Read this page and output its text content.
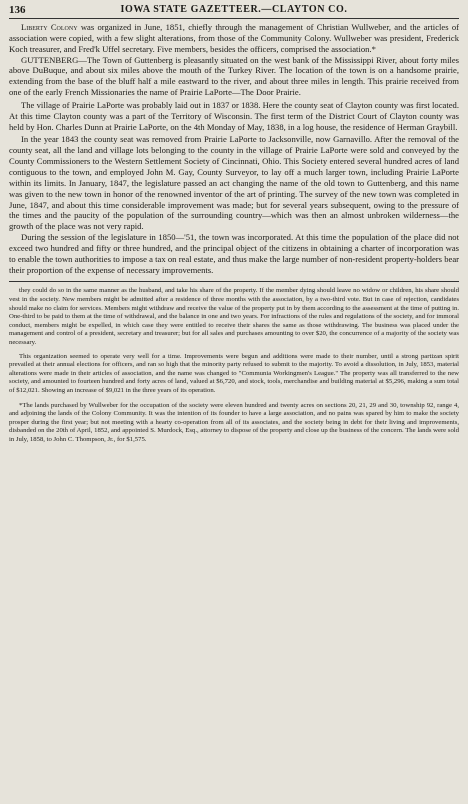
136	IOWA STATE GAZETTEER.—CLAYTON CO.

Liberty Colony was organized in June, 1851, chiefly through the management of Christian Wullweber, and the articles of association were copied, with a few slight alterations, from those of the Community Colony. Wullweber was president, Frederick Koch treasurer, and Fred'k Uffel secretary. Five members, besides the officers, comprised the association.*

GUTTENBERG—The Town of Guttenberg is pleasantly situated on the west bank of the Mississippi River, about forty miles above DuBuque, and about six miles above the mouth of the Turkey River. The location of the town is on a handsome prairie, extending from the base of the bluff half a mile eastward to the river, and about three miles in length. This prairie received from one of the early French Missionaries the name of Prairie LaPorte—The Door Prairie.

The village of Prairie LaPorte was probably laid out in 1837 or 1838. Here the county seat of Clayton county was first located. At this time Clayton county was a part of the Territory of Wisconsin. The first term of the District Court of Clayton county was held by Hon. Charles Dunn at Prairie LaPorte, on the 4th Monday of May, 1838, in a log house, the residence of Herman Graybill.

In the year 1843 the county seat was removed from Prairie LaPorte to Jacksonville, now Garnavillo. After the removal of the county seat, all the land and village lots belonging to the county in the village of Prairie LaPorte were sold and conveyed by the County Commissioners to the Western Settlement Society of Cincinnati, Ohio. This Society entered several hundred acres of land contiguous to the town, and employed John M. Gay, County Surveyor, to lay off a much larger town, including Prairie LaPorte within its limits. In January, 1847, the legislature passed an act changing the name of the old town to Guttenberg, and this name was given to the new town in honor of the renowned inventor of the art of printing. The survey of the new town was completed in June, 1847, and about this time considerable improvement was made; but for several years subsequent, owing to the pressure of the times and the paucity of the population of the surrounding country—which was then an almost unbroken wilderness—the growth of the place was not very rapid.

During the session of the legislature in 1850—'51, the town was incorporated. At this time the population of the place did not exceed two hundred and fifty or three hundred, and the principal object of the citizens in obtaining a charter of incorporation was to enable the town authorities to impose a tax on real estate, and thus make the large number of non-resident property-holders bear their proportion of the expense of necessary improvements.

they could do so in the same manner as the husband, and take his share of the property. If the member dying should leave no widow or children, his share should vest in the society. New members might be admitted after a residence of three months with the association, by a two-third vote. But in case of rejection, candidates should make no claim for services. Members might withdraw and receive the value of the property put in by them according to the assessment at the time of putting in. One-third to be paid to them at the time of withdrawal, and the balance in one and two years. For infractions of the rules and regulations of the society, and for immoral conduct, members might be expelled, in which case they were entitled to receive their shares the same as those withdrawing. The business was placed under the management and control of a president, secretary and treasurer; but for all sales and purchases amounting to over $20, the concurrence of a majority of the society was necessary.

This organization seemed to operate very well for a time. Improvements were begun and additions were made to their number, until a strong partizan spirit prevailed at their annual elections for officers, and ran so high that the minority party refused to submit to the majority. To avoid a dissolution, in July, 1853, material alterations were made in their articles of association, and the name was changed to "Communia Workingmen's League." The property was all transferred to the new society, and amounted to fourteen hundred and forty acres of land, valued at $6,720, and stock, tools, merchandise and building material at $5,296, making a sum total of $12,021. Showing an increase of $9,021 in the three years of its operation.

*The lands purchased by Wullweber for the occupation of the society were eleven hundred and twenty acres on sections 20, 21, 29 and 30, township 92, range 4, and adjoining the lands of the Colony Community. It was the intention of its founder to have a large association, and no pains was spared by him to make the society prosper during the first year; but not meeting with a hearty co-operation from all of its associates, and the society being in debt for their living and improvements, disbanded on the 20th of April, 1852, and appointed S. Murdock, Esq., attorney to dispose of the property and close up the business of the concern. The lands were sold in July, 1858, to John C. Thompson, Jr., for $1,575.
